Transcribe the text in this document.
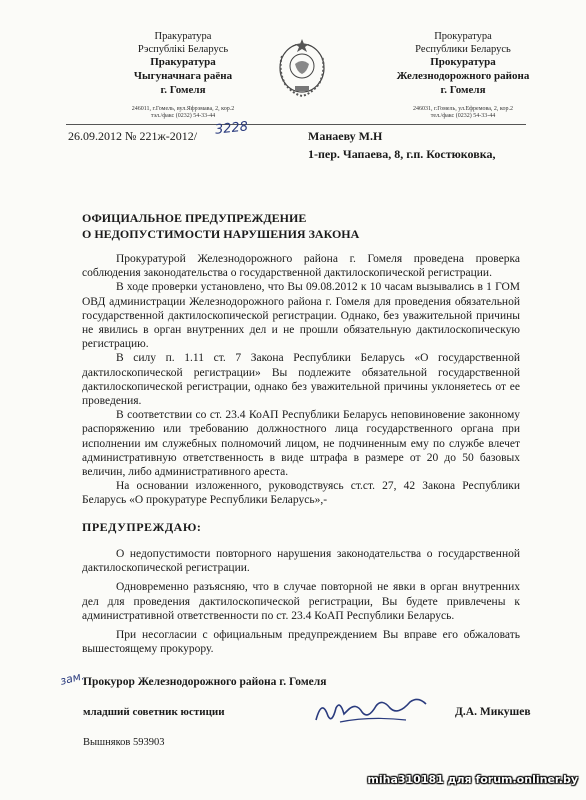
Пракуратура
Рэспублікі Беларусь
Пракуратура
Чыгуначнага раёна
г. Гомеля
246011, г.Гомель, вул.Яфрэмава, 2, кор.2
тэл./факс (0232) 54-33-44
Прокуратура
Республики Беларусь
Прокуратура
Железнодорожного района
г. Гомеля
246031, г.Гомель, ул.Ефремова, 2, кор.2
тел./факс (0232) 54-33-44
26.09.2012 № 221ж-2012/ 3228	Манаеву М.Н
1-пер. Чапаева, 8, г.п. Костюковка,
ОФИЦИАЛЬНОЕ ПРЕДУПРЕЖДЕНИЕ
О НЕДОПУСТИМОСТИ НАРУШЕНИЯ ЗАКОНА

Прокуратурой Железнодорожного района г. Гомеля проведена проверка соблюдения законодательства о государственной дактилоскопической регистрации.

В ходе проверки установлено, что Вы 09.08.2012 к 10 часам вызывались в 1 ГОМ ОВД администрации Железнодорожного района г. Гомеля для проведения обязательной государственной дактилоскопической регистрации. Однако, без уважительной причины не явились в орган внутренних дел и не прошли обязательную дактилоскопическую регистрацию.

В силу п. 1.11 ст. 7 Закона Республики Беларусь «О государственной дактилоскопической регистрации» Вы подлежите обязательной государственной дактилоскопической регистрации, однако без уважительной причины уклоняетесь от ее проведения.

В соответствии со ст. 23.4 КоАП Республики Беларусь неповиновение законному распоряжению или требованию должностного лица государственного органа при исполнении им служебных полномочий лицом, не подчиненным ему по службе влечет административную ответственность в виде штрафа в размере от 20 до 50 базовых величин, либо административного ареста.

На основании изложенного, руководствуясь ст.ст. 27, 42 Закона Республики Беларусь «О прокуратуре Республики Беларусь»,-

ПРЕДУПРЕЖДАЮ:

О недопустимости повторного нарушения законодательства о государственной дактилоскопической регистрации.

Одновременно разъясняю, что в случае повторной не явки в орган внутренних дел для проведения дактилоскопической регистрации, Вы будете привлечены к административной ответственности по ст. 23.4 КоАП Республики Беларусь.

При несогласии с официальным предупреждением Вы вправе его обжаловать вышестоящему прокурору.

зам.
Прокурор Железнодорожного района г. Гомеля
младший советник юстиции	Д.А. Микушев
Вышняков 593903
miha310181 для forum.onliner.by
